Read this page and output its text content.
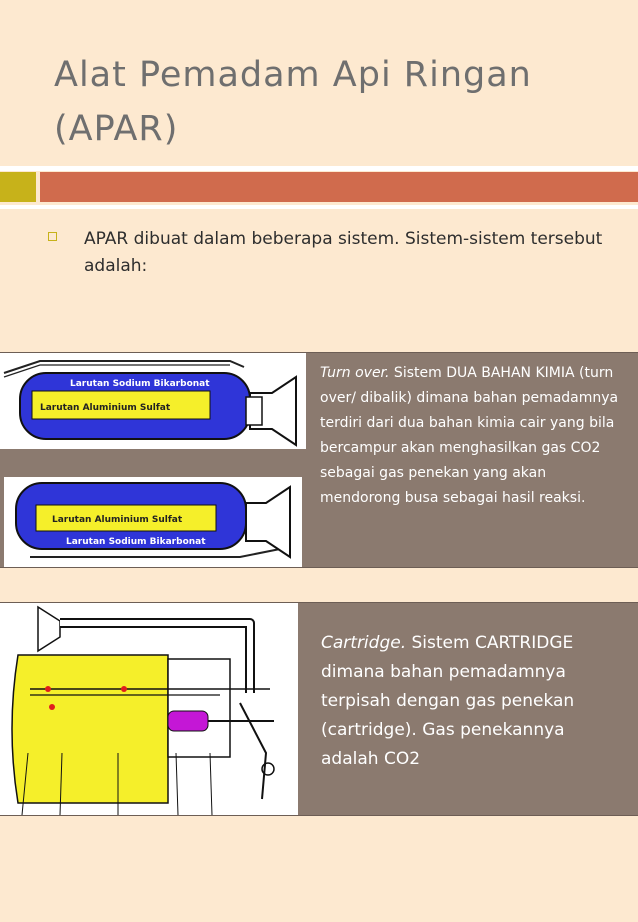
Alat Pemadam Api Ringan
(APAR)
APAR dibuat dalam beberapa sistem. Sistem-sistem tersebut adalah:
Larutan Sodium Bikarbonat
Larutan Aluminium Sulfat
Larutan Aluminium Sulfat
Larutan Sodium Bikarbonat
Turn over. Sistem DUA BAHAN KIMIA (turn over/ dibalik) dimana bahan pemadamnya terdiri dari dua bahan kimia cair yang bila bercampur akan menghasilkan gas CO2 sebagai gas penekan yang akan mendorong busa sebagai hasil reaksi.
Cartridge. Sistem CARTRIDGE dimana bahan pemadamnya terpisah dengan gas penekan (cartridge). Gas penekannya adalah CO2
